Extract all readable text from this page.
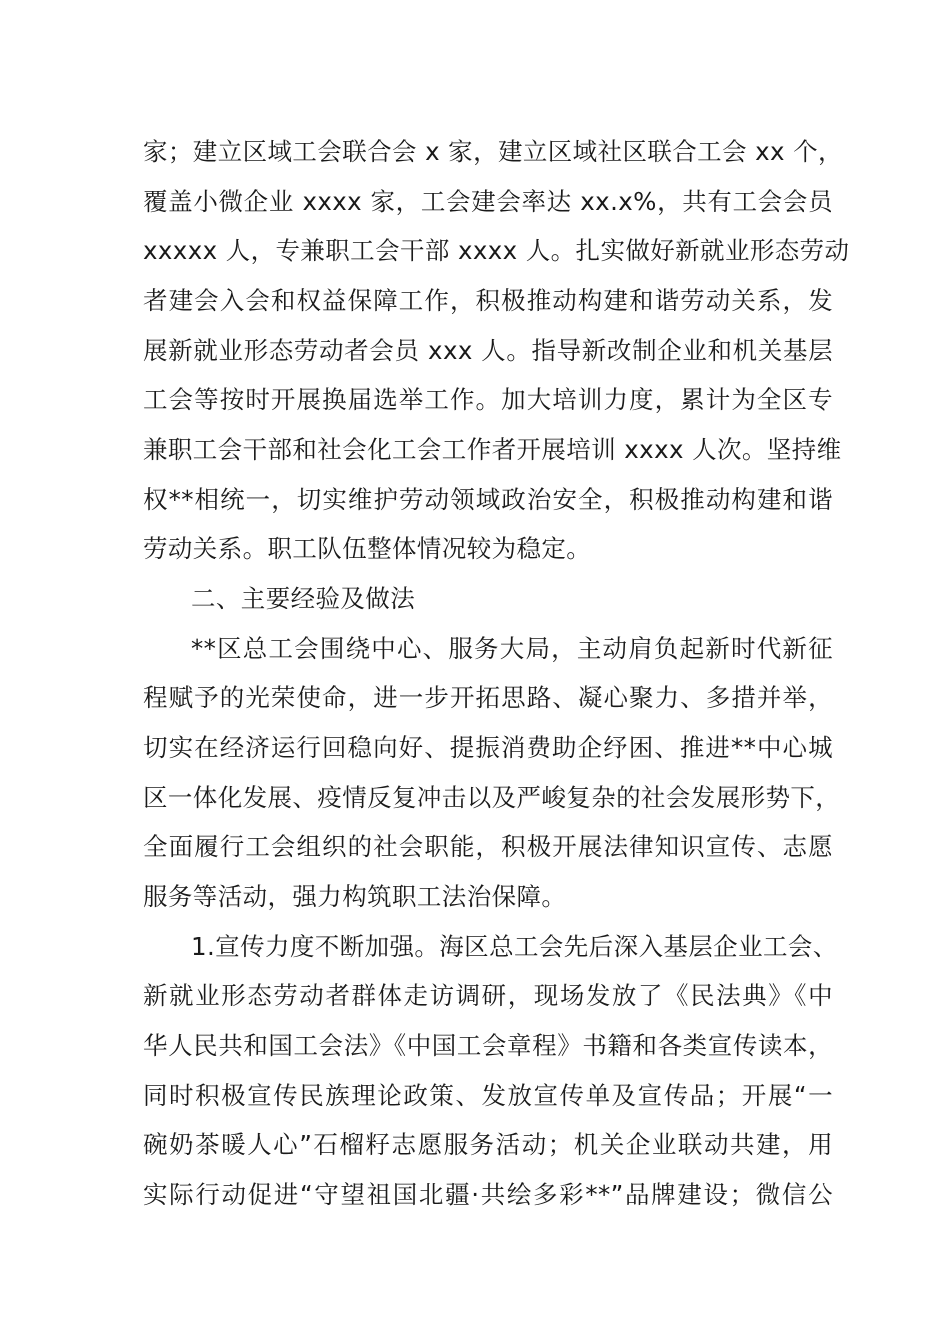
家；建立区域工会联合会 x 家，建立区域社区联合工会 xx 个，
覆盖小微企业 xxxx 家，工会建会率达 xx.x%，共有工会会员
xxxxx 人，专兼职工会干部 xxxx 人。扎实做好新就业形态劳动
者建会入会和权益保障工作，积极推动构建和谐劳动关系，发
展新就业形态劳动者会员 xxx 人。指导新改制企业和机关基层
工会等按时开展换届选举工作。加大培训力度，累计为全区专
兼职工会干部和社会化工会工作者开展培训 xxxx 人次。坚持维
权**相统一，切实维护劳动领域政治安全，积极推动构建和谐
劳动关系。职工队伍整体情况较为稳定。
二、主要经验及做法
**区总工会围绕中心、服务大局，主动肩负起新时代新征
程赋予的光荣使命，进一步开拓思路、凝心聚力、多措并举，
切实在经济运行回稳向好、提振消费助企纾困、推进**中心城
区一体化发展、疫情反复冲击以及严峻复杂的社会发展形势下，
全面履行工会组织的社会职能，积极开展法律知识宣传、志愿
服务等活动，强力构筑职工法治保障。
1.宣传力度不断加强。海区总工会先后深入基层企业工会、
新就业形态劳动者群体走访调研，现场发放了《民法典》《中
华人民共和国工会法》《中国工会章程》书籍和各类宣传读本，
同时积极宣传民族理论政策、发放宣传单及宣传品；开展“一
碗奶茶暖人心”石榴籽志愿服务活动；机关企业联动共建，用
实际行动促进“守望祖国北疆·共绘多彩**”品牌建设；微信公
